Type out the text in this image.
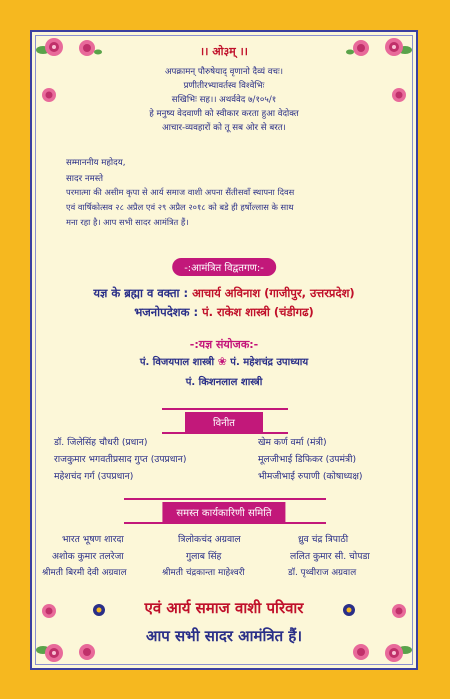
।। ओ३म् ।।
अपक्रामन् पौरुषेयाद् वृणानो दैव्यं वचः।
प्रणीतीरभ्यावर्तस्व विश्वेभिः
सखिभिः सह।। अथर्ववेद ७/१०५/१
हे मनुष्य वेदवाणी को स्वीकार करता हुआ वेदोक्त
आचार-व्यवहारों को तू सब ओर से बरत।
सम्माननीय महोदय,
सादर नमस्ते
परमात्मा की असीम कृपा से आर्य समाज वाशी अपना सैंतीसवाँ स्थापना दिवस
एवं वार्षिकोत्सव २८ अप्रैल एवं २९ अप्रैल २०१८ को बडे ही हर्षोल्लास के साथ
मना रहा है। आप सभी सादर आमंत्रित हैं।
-:आमंत्रित विद्वतगण:-
यज्ञ के ब्रह्मा व वक्ता : आचार्य अविनाश (गाजीपुर, उत्तरप्रदेश)
भजनोपदेशक : पं. राकेश शास्त्री (चंडीगढ)
-:यज्ञ संयोजक:-
पं. विजयपाल शास्त्री ❀ पं. महेशचंद्र उपाध्याय
पं. किशनलाल शास्त्री
विनीत
डॉ. जिलेसिंह चौधरी (प्रधान)	खेम कर्ण वर्मा (मंत्री)
राजकुमार भगवतीप्रसाद गुप्त (उपप्रधान)	मूलजीभाई डिफिकर (उपमंत्री)
महेशचंद गर्ग (उपप्रधान)	भीमजीभाई रुपाणी (कोषाध्यक्ष)
समस्त कार्यकारिणी समिति
भारत भूषण शारदा	त्रिलोकचंद अग्रवाल	ध्रुव चंद्र त्रिपाठी
अशोक कुमार तलरेजा	गुलाब सिंह	ललित कुमार सी. चोपडा
श्रीमती बिरमी देवी अग्रवाल	श्रीमती चंद्रकान्ता माहेश्वरी	डॉ. पृथ्वीराज अग्रवाल
एवं आर्य समाज वाशी परिवार
आप सभी सादर आमंत्रित हैं।
